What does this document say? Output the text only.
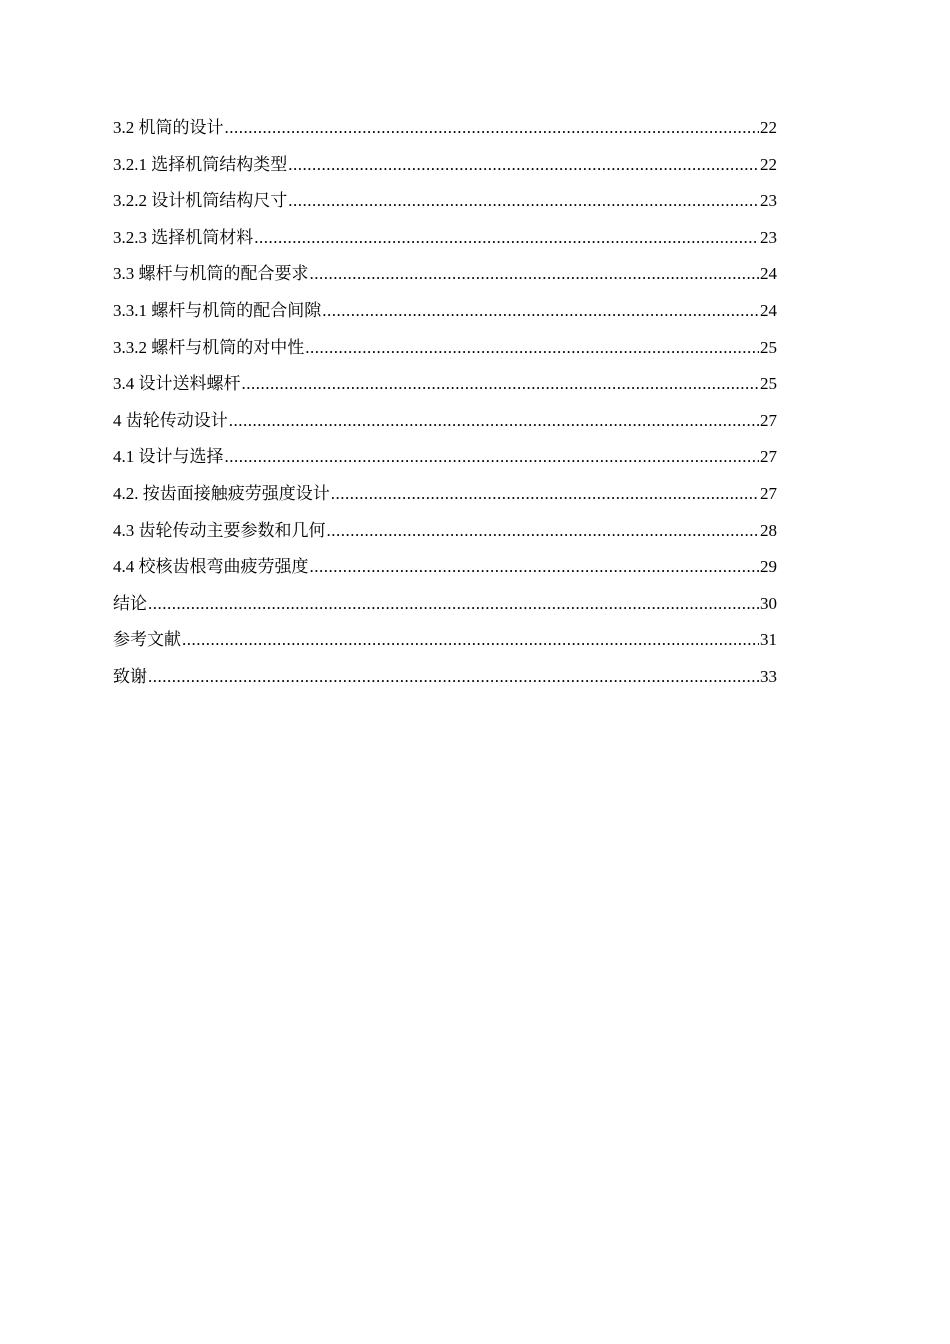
3.2 机筒的设计 .....	22
3.2.1 选择机筒结构类型 .....	22
3.2.2 设计机筒结构尺寸 .....	23
3.2.3 选择机筒材料 .....	23
3.3 螺杆与机筒的配合要求 .....	24
3.3.1 螺杆与机筒的配合间隙 .....	24
3.3.2 螺杆与机筒的对中性 .....	25
3.4 设计送料螺杆 .....	25
4 齿轮传动设计 .....	27
4.1 设计与选择 .....	27
4.2. 按齿面接触疲劳强度设计 .....	27
4.3 齿轮传动主要参数和几何 .....	28
4.4 校核齿根弯曲疲劳强度 .....	29
结论 .....	30
参考文献 .....	31
致谢 .....	33
